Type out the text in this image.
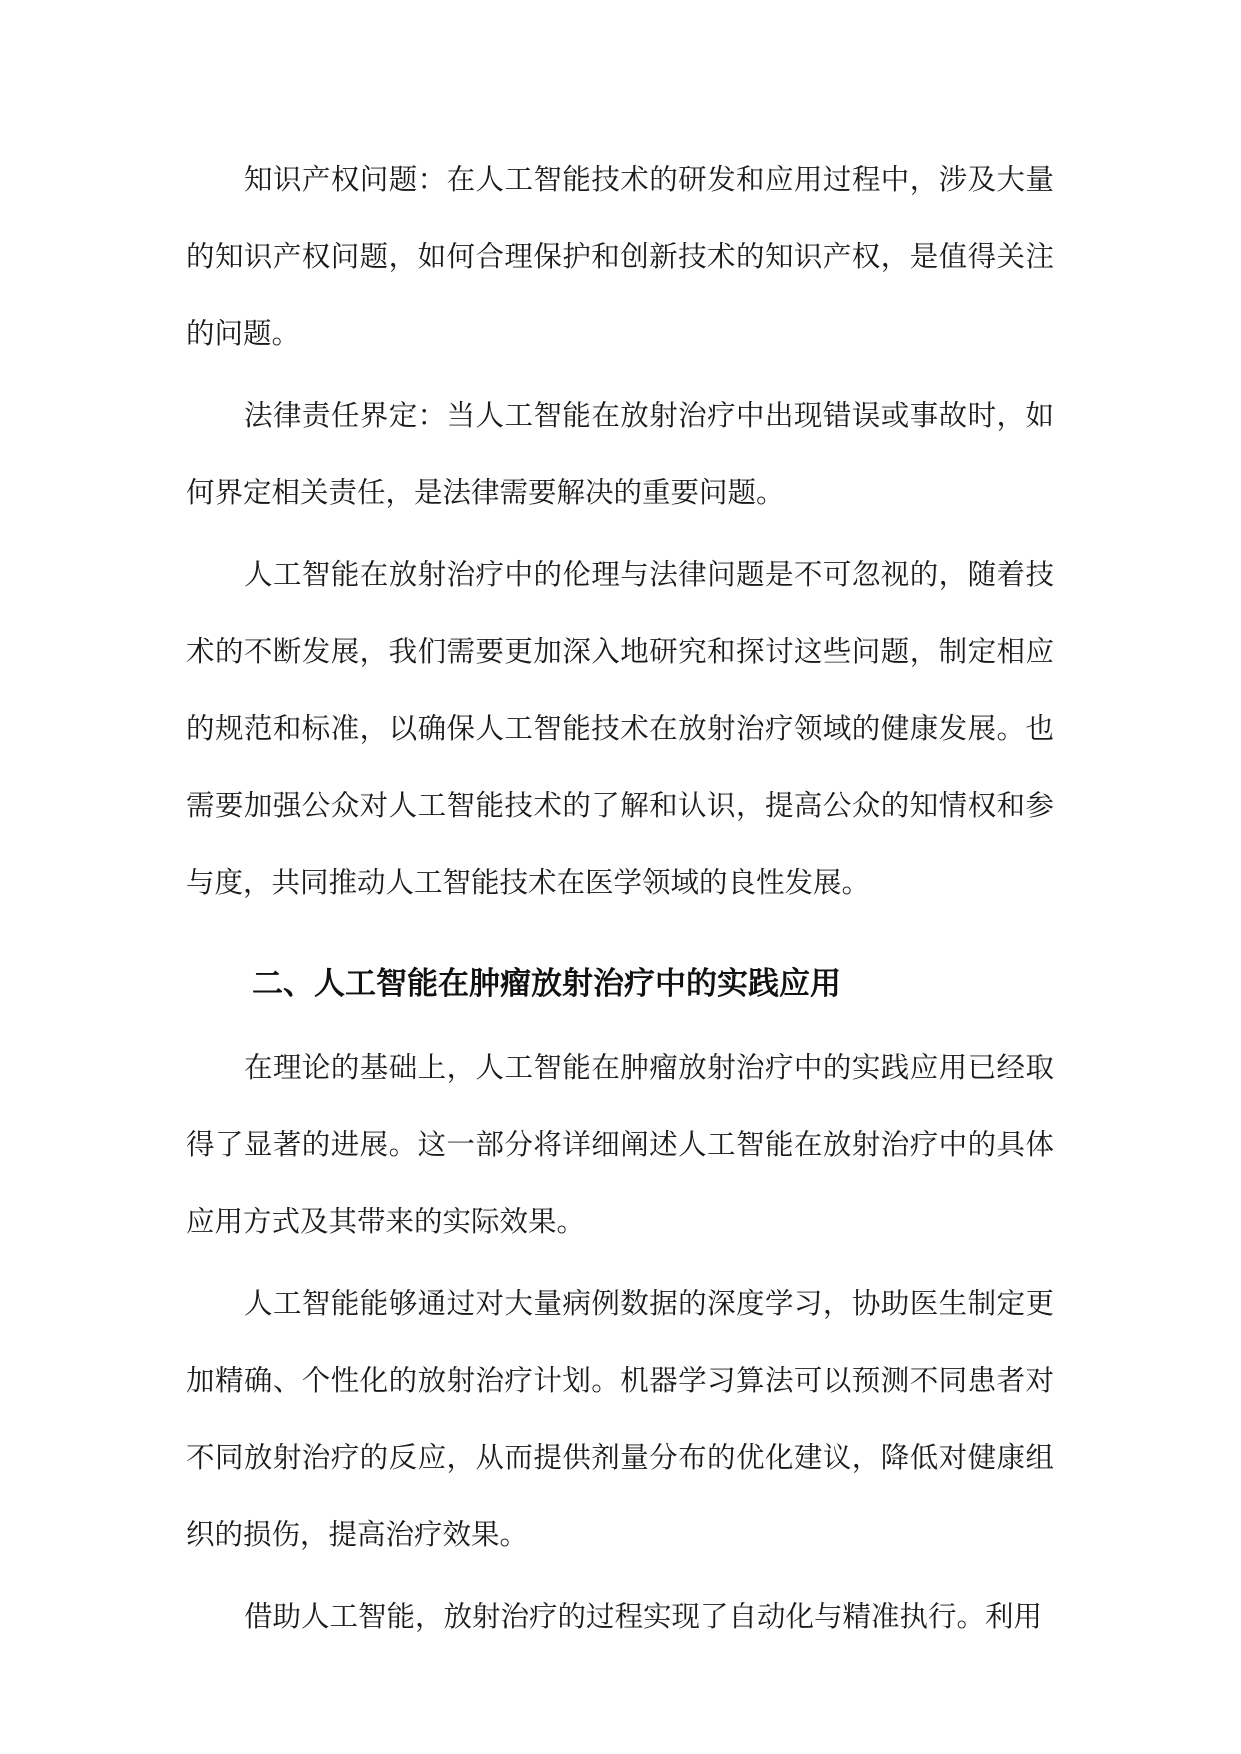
知识产权问题：在人工智能技术的研发和应用过程中，涉及大量的知识产权问题，如何合理保护和创新技术的知识产权，是值得关注的问题。

法律责任界定：当人工智能在放射治疗中出现错误或事故时，如何界定相关责任，是法律需要解决的重要问题。

人工智能在放射治疗中的伦理与法律问题是不可忽视的，随着技术的不断发展，我们需要更加深入地研究和探讨这些问题，制定相应的规范和标准，以确保人工智能技术在放射治疗领域的健康发展。也需要加强公众对人工智能技术的了解和认识，提高公众的知情权和参与度，共同推动人工智能技术在医学领域的良性发展。

二、人工智能在肿瘤放射治疗中的实践应用

在理论的基础上，人工智能在肿瘤放射治疗中的实践应用已经取得了显著的进展。这一部分将详细阐述人工智能在放射治疗中的具体应用方式及其带来的实际效果。

人工智能能够通过对大量病例数据的深度学习，协助医生制定更加精确、个性化的放射治疗计划。机器学习算法可以预测不同患者对不同放射治疗的反应，从而提供剂量分布的优化建议，降低对健康组织的损伤，提高治疗效果。

借助人工智能，放射治疗的过程实现了自动化与精准执行。利用
